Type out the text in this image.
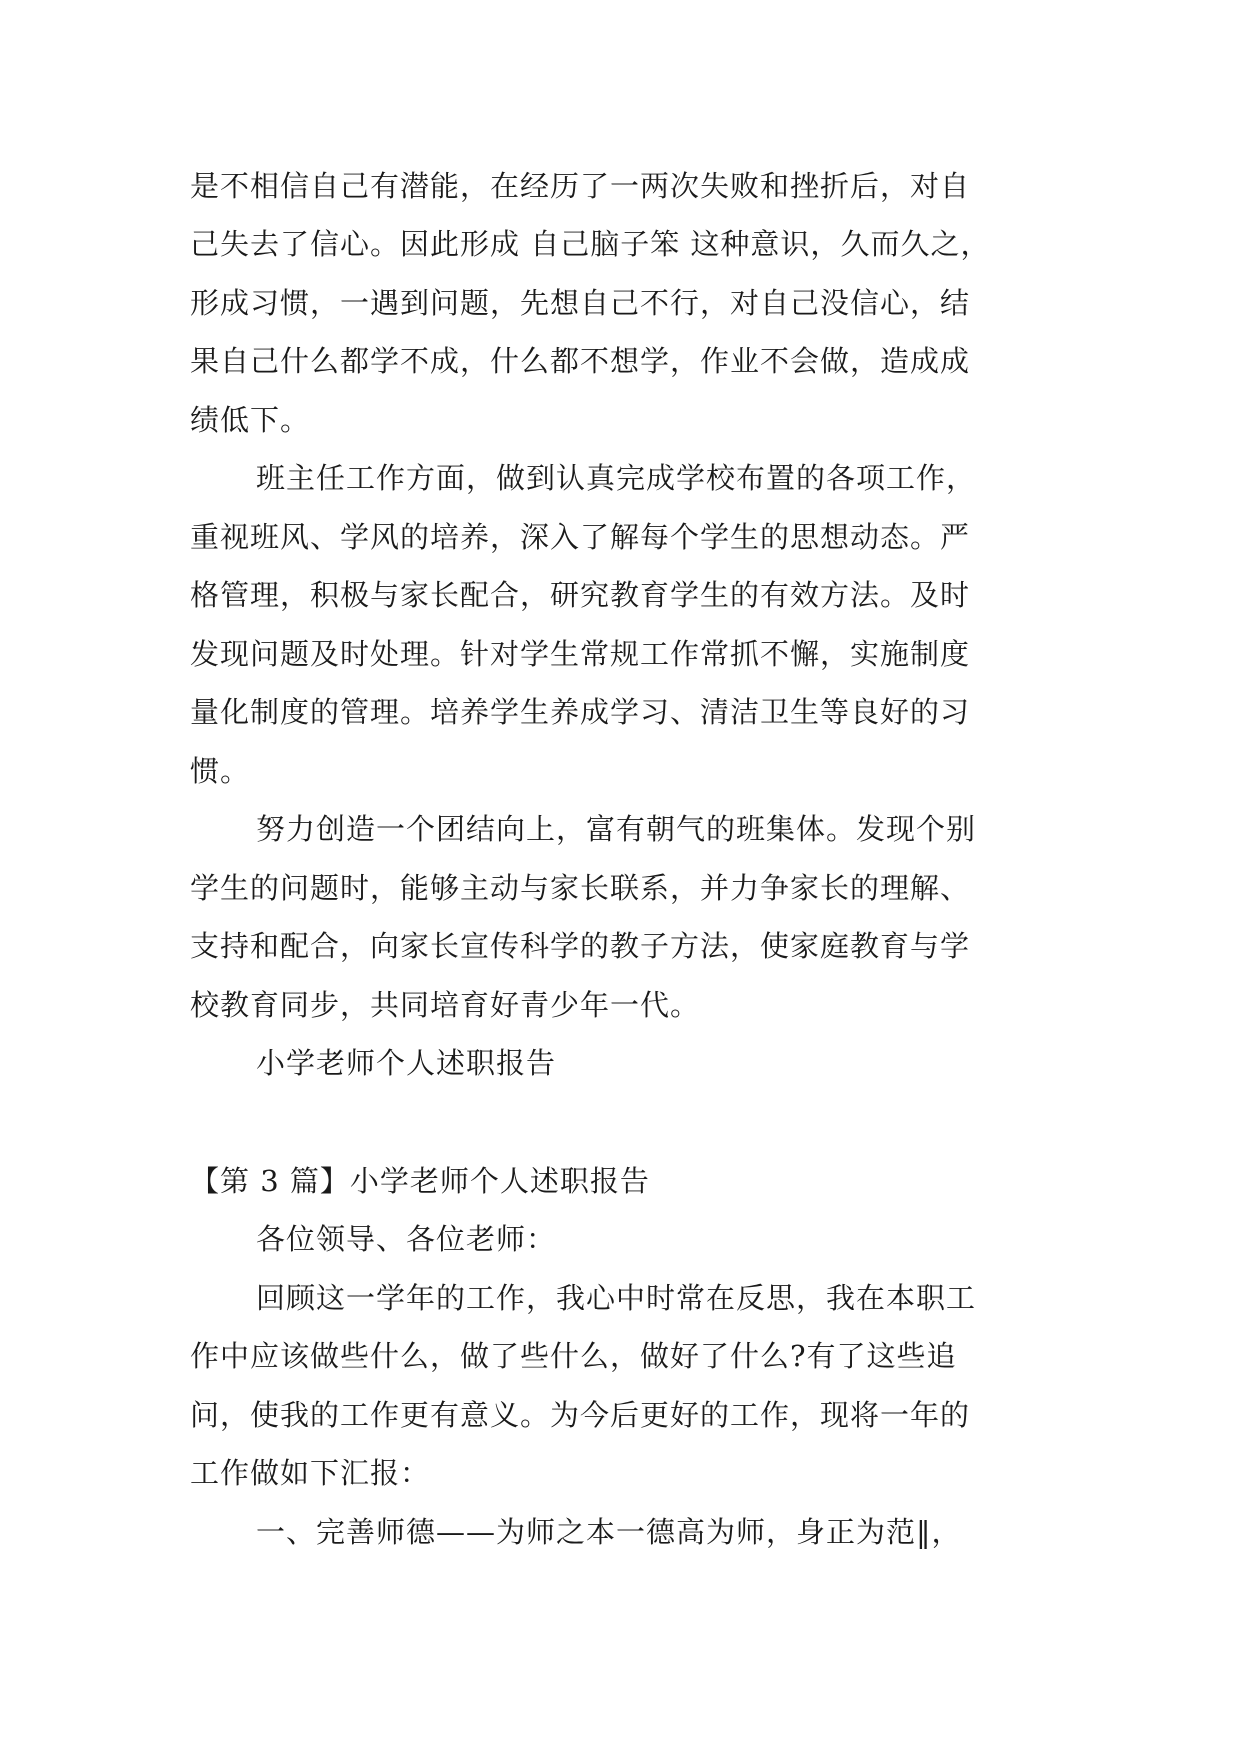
是不相信自己有潜能，在经历了一两次失败和挫折后，对自
己失去了信心。因此形成 自己脑子笨 这种意识，久而久之，
形成习惯，一遇到问题，先想自己不行，对自己没信心，结
果自己什么都学不成，什么都不想学，作业不会做，造成成
绩低下。
班主任工作方面，做到认真完成学校布置的各项工作，
重视班风、学风的培养，深入了解每个学生的思想动态。严
格管理，积极与家长配合，研究教育学生的有效方法。及时
发现问题及时处理。针对学生常规工作常抓不懈，实施制度
量化制度的管理。培养学生养成学习、清洁卫生等良好的习
惯。
努力创造一个团结向上，富有朝气的班集体。发现个别
学生的问题时，能够主动与家长联系，并力争家长的理解、
支持和配合，向家长宣传科学的教子方法，使家庭教育与学
校教育同步，共同培育好青少年一代。
小学老师个人述职报告
【第 3 篇】小学老师个人述职报告
各位领导、各位老师：
回顾这一学年的工作，我心中时常在反思，我在本职工
作中应该做些什么，做了些什么，做好了什么?有了这些追
问，使我的工作更有意义。为今后更好的工作，现将一年的
工作做如下汇报：
一、完善师德——为师之本一德高为师，身正为范‖，
